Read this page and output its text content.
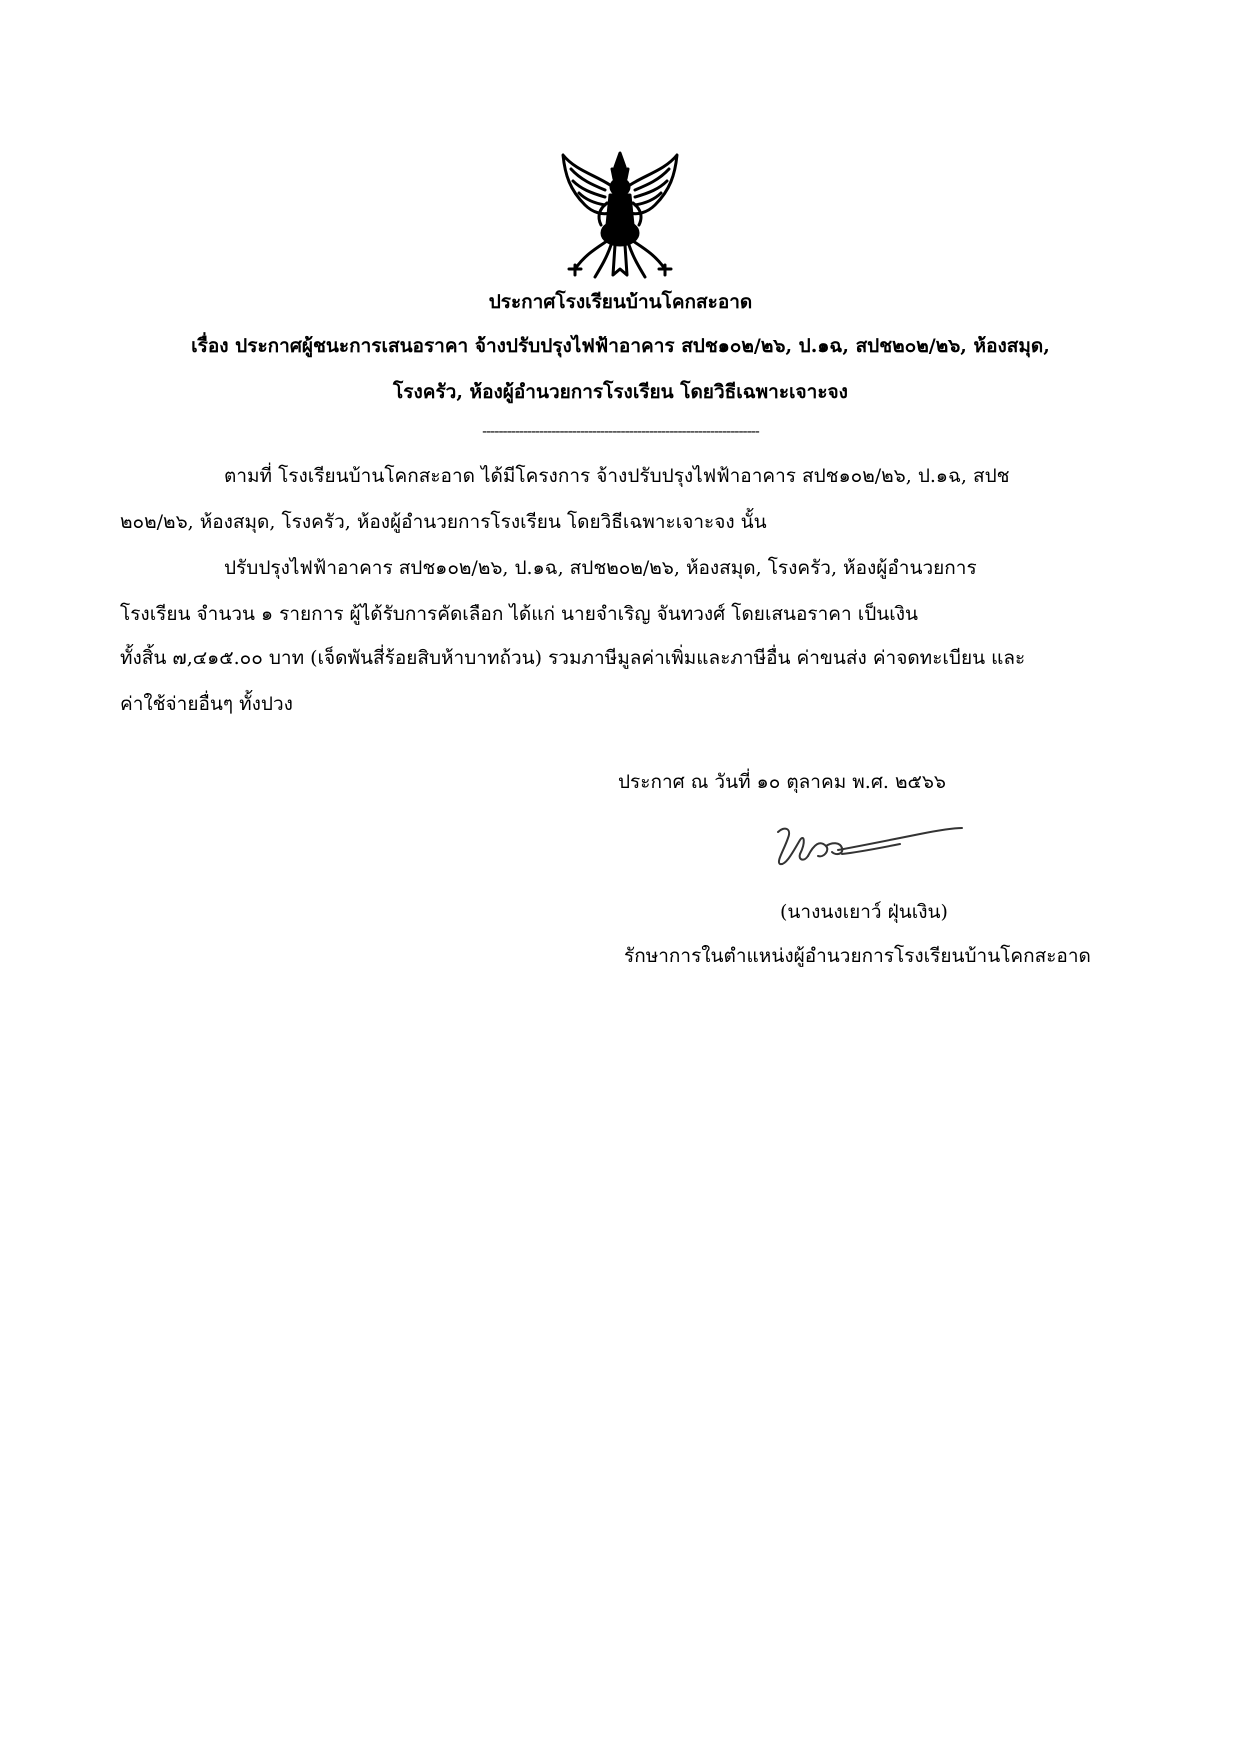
ประกาศโรงเรียนบ้านโคกสะอาด
เรื่อง ประกาศผู้ชนะการเสนอราคา จ้างปรับปรุงไฟฟ้าอาคาร สปช๑๐๒/๒๖, ป.๑ฉ, สปช๒๐๒/๒๖, ห้องสมุด,
โรงครัว, ห้องผู้อำนวยการโรงเรียน โดยวิธีเฉพาะเจาะจง
--------------------------------------------------------------------
ตามที่ โรงเรียนบ้านโคกสะอาด ได้มีโครงการ จ้างปรับปรุงไฟฟ้าอาคาร สปช๑๐๒/๒๖, ป.๑ฉ, สปช
๒๐๒/๒๖, ห้องสมุด, โรงครัว, ห้องผู้อำนวยการโรงเรียน โดยวิธีเฉพาะเจาะจง นั้น
ปรับปรุงไฟฟ้าอาคาร สปช๑๐๒/๒๖, ป.๑ฉ, สปช๒๐๒/๒๖, ห้องสมุด, โรงครัว, ห้องผู้อำนวยการ
โรงเรียน จำนวน ๑ รายการ ผู้ได้รับการคัดเลือก ได้แก่ นายจำเริญ จันทวงศ์ โดยเสนอราคา เป็นเงิน
ทั้งสิ้น ๗,๔๑๕.๐๐ บาท (เจ็ดพันสี่ร้อยสิบห้าบาทถ้วน) รวมภาษีมูลค่าเพิ่มและภาษีอื่น ค่าขนส่ง ค่าจดทะเบียน และ
ค่าใช้จ่ายอื่นๆ ทั้งปวง
ประกาศ ณ วันที่ ๑๐ ตุลาคม พ.ศ. ๒๕๖๖
(นางนงเยาว์ ฝุ่นเงิน)
รักษาการในตำแหน่งผู้อำนวยการโรงเรียนบ้านโคกสะอาด
